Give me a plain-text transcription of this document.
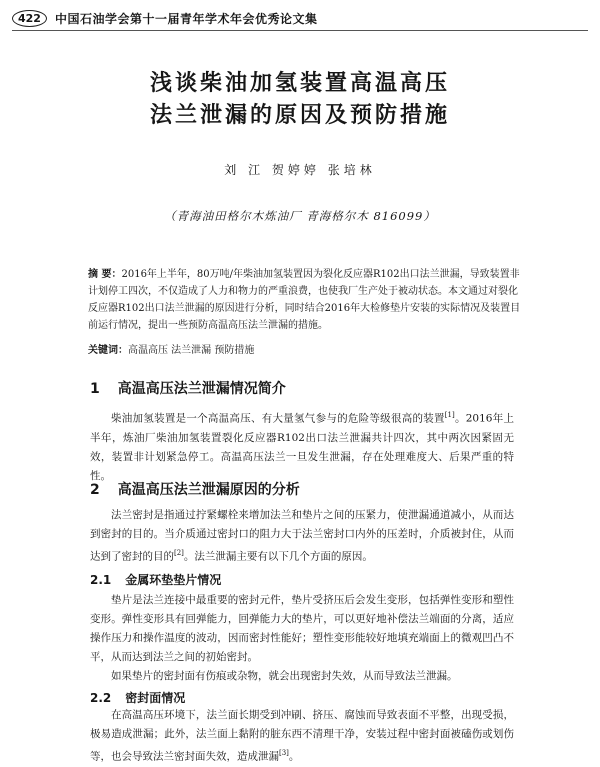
422	中国石油学会第十一届青年学术年会优秀论文集
浅谈柴油加氢装置高温高压
法兰泄漏的原因及预防措施
刘 江 贺婷婷 张培林
（青海油田格尔木炼油厂 青海格尔木 816099）
摘 要：2016年上半年，80万吨/年柴油加氢装置因为裂化反应器R102出口法兰泄漏，导致装置非计划停工四次，不仅造成了人力和物力的严重浪费，也使我厂生产处于被动状态。本文通过对裂化反应器R102出口法兰泄漏的原因进行分析，同时结合2016年大检修垫片安装的实际情况及装置目前运行情况，提出一些预防高温高压法兰泄漏的措施。
关键词：高温高压 法兰泄漏 预防措施
1 高温高压法兰泄漏情况简介
柴油加氢装置是一个高温高压、有大量氢气参与的危险等级很高的装置[1]。2016年上半年，炼油厂柴油加氢装置裂化反应器R102出口法兰泄漏共计四次，其中两次因紧固无效，装置非计划紧急停工。高温高压法兰一旦发生泄漏，存在处理难度大、后果严重的特性。
2 高温高压法兰泄漏原因的分析
法兰密封是指通过拧紧螺栓来增加法兰和垫片之间的压紧力，使泄漏通道减小，从而达到密封的目的。当介质通过密封口的阻力大于法兰密封口内外的压差时，介质被封住，从而达到了密封的目的[2]。法兰泄漏主要有以下几个方面的原因。
2.1 金属环垫垫片情况
垫片是法兰连接中最重要的密封元件，垫片受挤压后会发生变形，包括弹性变形和塑性变形。弹性变形具有回弹能力，回弹能力大的垫片，可以更好地补偿法兰端面的分离，适应操作压力和操作温度的波动，因而密封性能好；塑性变形能较好地填充端面上的微观凹凸不平，从而达到法兰之间的初始密封。
如果垫片的密封面有伤痕或杂物，就会出现密封失效，从而导致法兰泄漏。
2.2 密封面情况
在高温高压环境下，法兰面长期受到冲刷、挤压、腐蚀而导致表面不平整，出现受损，极易造成泄漏；此外，法兰面上黏附的脏东西不清理干净，安装过程中密封面被磕伤或划伤等，也会导致法兰密封面失效，造成泄漏[3]。
